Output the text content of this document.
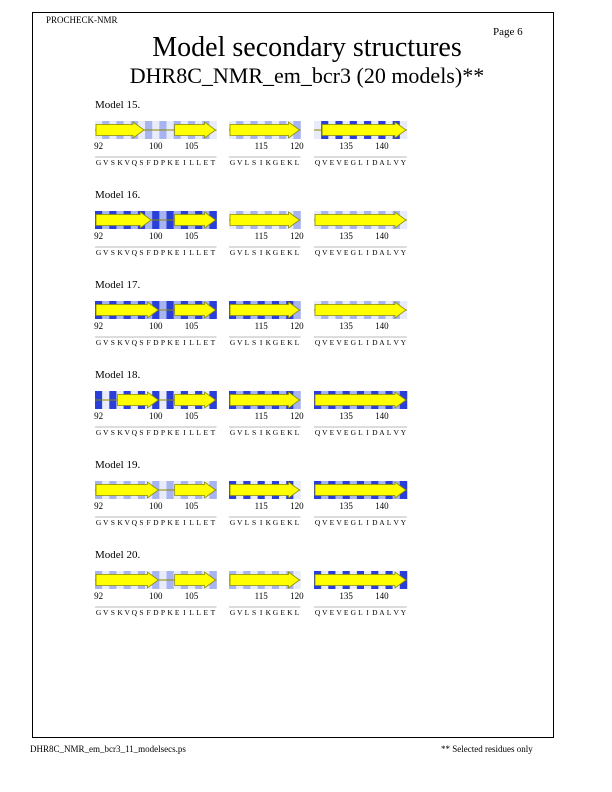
PROCHECK-NMR
Page 6
Model secondary structures
DHR8C_NMR_em_bcr3 (20 models)**
Model 15.
92	100 105
G V S K V Q S F D P K E I L L E T
115 120
G V L S I K G E K L
135 140
Q V E V E G L I D A L V Y
Model 16.
92	100 105
G V S K V Q S F D P K E I L L E T
115 120
G V L S I K G E K L
135 140
Q V E V E G L I D A L V Y
Model 17.
92	100 105
G V S K V Q S F D P K E I L L E T
115 120
G V L S I K G E K L
135 140
Q V E V E G L I D A L V Y
Model 18.
92	100 105
G V S K V Q S F D P K E I L L E T
115 120
G V L S I K G E K L
135 140
Q V E V E G L I D A L V Y
Model 19.
92	100 105
G V S K V Q S F D P K E I L L E T
115 120
G V L S I K G E K L
135 140
Q V E V E G L I D A L V Y
Model 20.
92	100 105
G V S K V Q S F D P K E I L L E T
115 120
G V L S I K G E K L
135 140
Q V E V E G L I D A L V Y
DHR8C_NMR_em_bcr3_11_modelsecs.ps	** Selected residues only
